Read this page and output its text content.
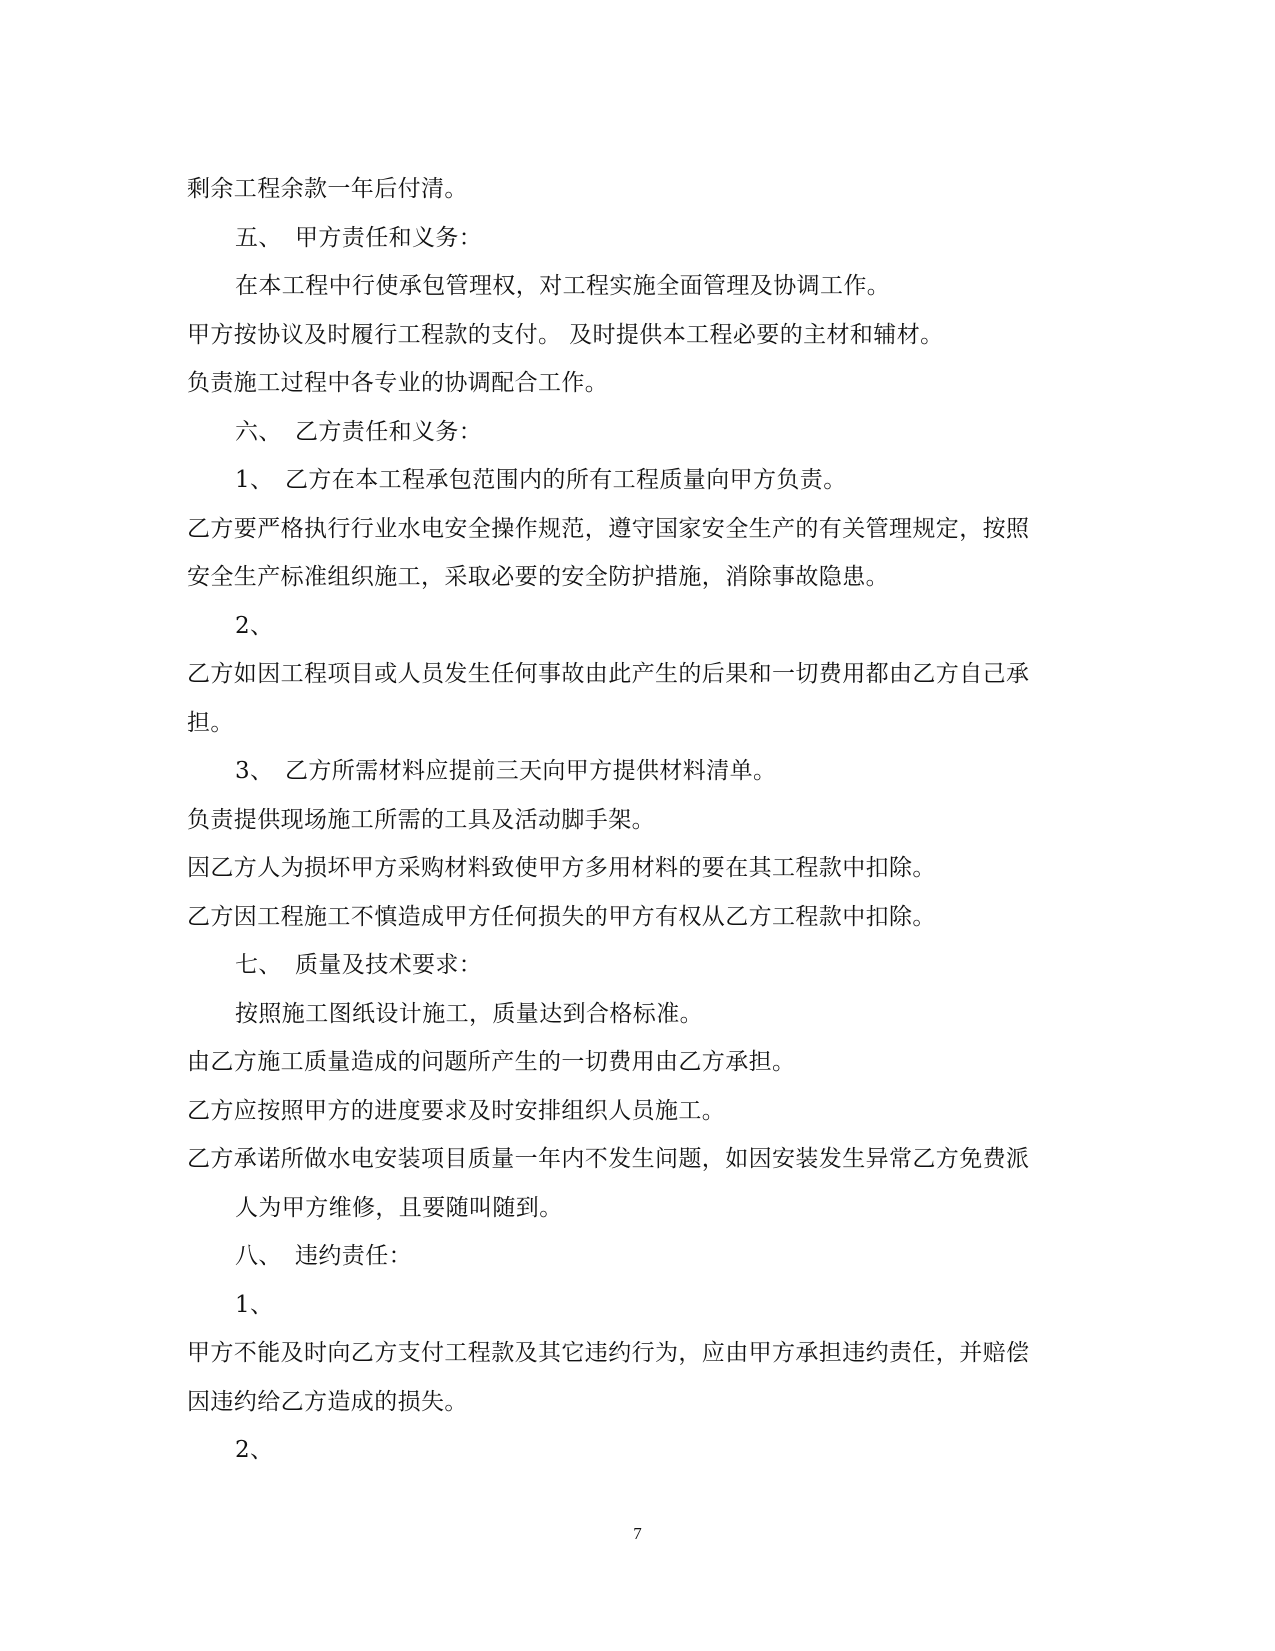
剩余工程余款一年后付清。
五、 甲方责任和义务：
在本工程中行使承包管理权，对工程实施全面管理及协调工作。
甲方按协议及时履行工程款的支付。 及时提供本工程必要的主材和辅材。
负责施工过程中各专业的协调配合工作。
六、 乙方责任和义务：
1、 乙方在本工程承包范围内的所有工程质量向甲方负责。
乙方要严格执行行业水电安全操作规范，遵守国家安全生产的有关管理规定，按照
安全生产标准组织施工，采取必要的安全防护措施，消除事故隐患。
2、
乙方如因工程项目或人员发生任何事故由此产生的后果和一切费用都由乙方自己承
担。
3、 乙方所需材料应提前三天向甲方提供材料清单。
负责提供现场施工所需的工具及活动脚手架。
因乙方人为损坏甲方采购材料致使甲方多用材料的要在其工程款中扣除。
乙方因工程施工不慎造成甲方任何损失的甲方有权从乙方工程款中扣除。
七、 质量及技术要求：
按照施工图纸设计施工，质量达到合格标准。
由乙方施工质量造成的问题所产生的一切费用由乙方承担。
乙方应按照甲方的进度要求及时安排组织人员施工。
乙方承诺所做水电安装项目质量一年内不发生问题，如因安装发生异常乙方免费派
人为甲方维修，且要随叫随到。
八、 违约责任：
1、
甲方不能及时向乙方支付工程款及其它违约行为，应由甲方承担违约责任，并赔偿
因违约给乙方造成的损失。
2、
7
